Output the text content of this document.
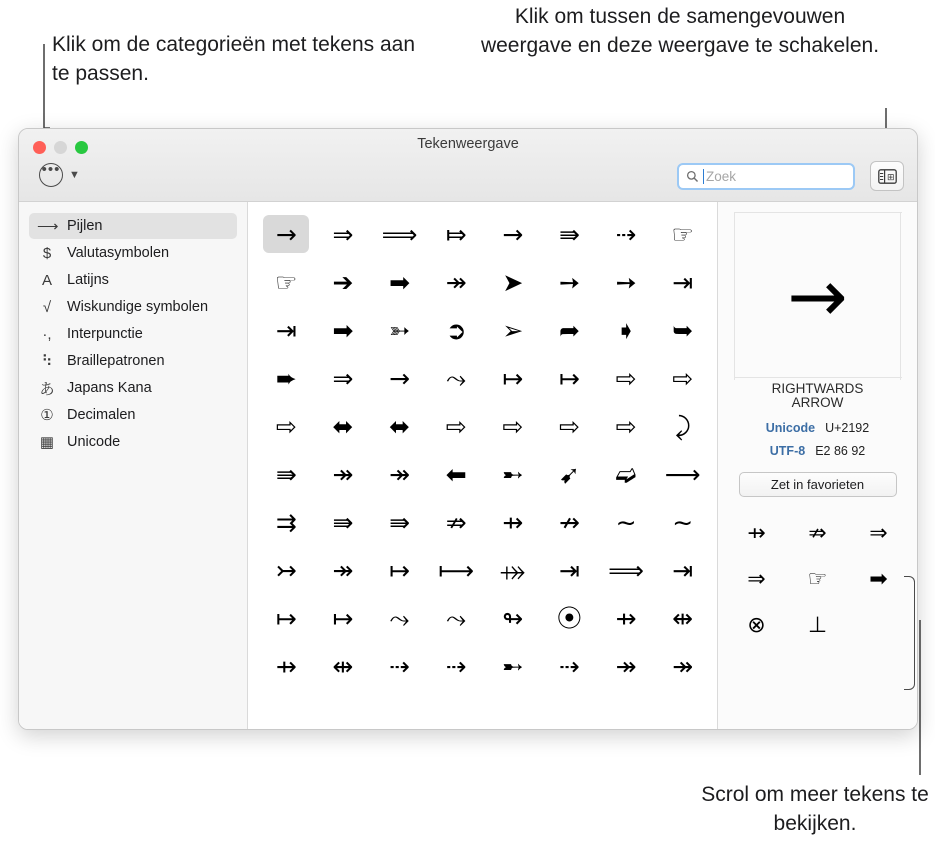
Klik om de categorieën met tekens aan te passen.
Klik om tussen de samengevouwen weergave en deze weergave te schakelen.
Scrol om meer tekens te bekijken.
Tekenweergave
••• ▼	Zoek	⊞
⟶ Pijlen
$	Valutasymbolen
A	Latijns
√	Wiskundige symbolen
·,	Interpunctie
⠳	Braillepatronen
あ Japans Kana
① Decimalen
▦ Unicode
→	⇒	⟹	⤇	→	⇛	⇢	☞
☞	➔	➡	↠	➤	➙	➙	⇥
⇥	➡	➳	➲	➢	➦	➧	➥
➨	⇒	→	⤳	↦	↦	⇨	⇨
⇨	⬌	⬌	⇨	⇨	⇨	⇨	⤸
⇛	↠	↠	⬅	➸	➹	➫	⟶
⇉	⇛	⇛	⇏	⇸	↛	∼	∼
↣	↠	↦	⟼	⤀	⇥	⟹	⇥
↦	↦	⤳	⤳	↬	⦿	⇸	⇹
⇸	⇹	⇢	⇢	➸	⇢	↠	↠
→
RIGHTWARDS
ARROW
Unicode U+2192
UTF-8 E2 86 92
Zet in favorieten
⇸	⇏	⇒
⇒	☞	➡
⊗	⊥
